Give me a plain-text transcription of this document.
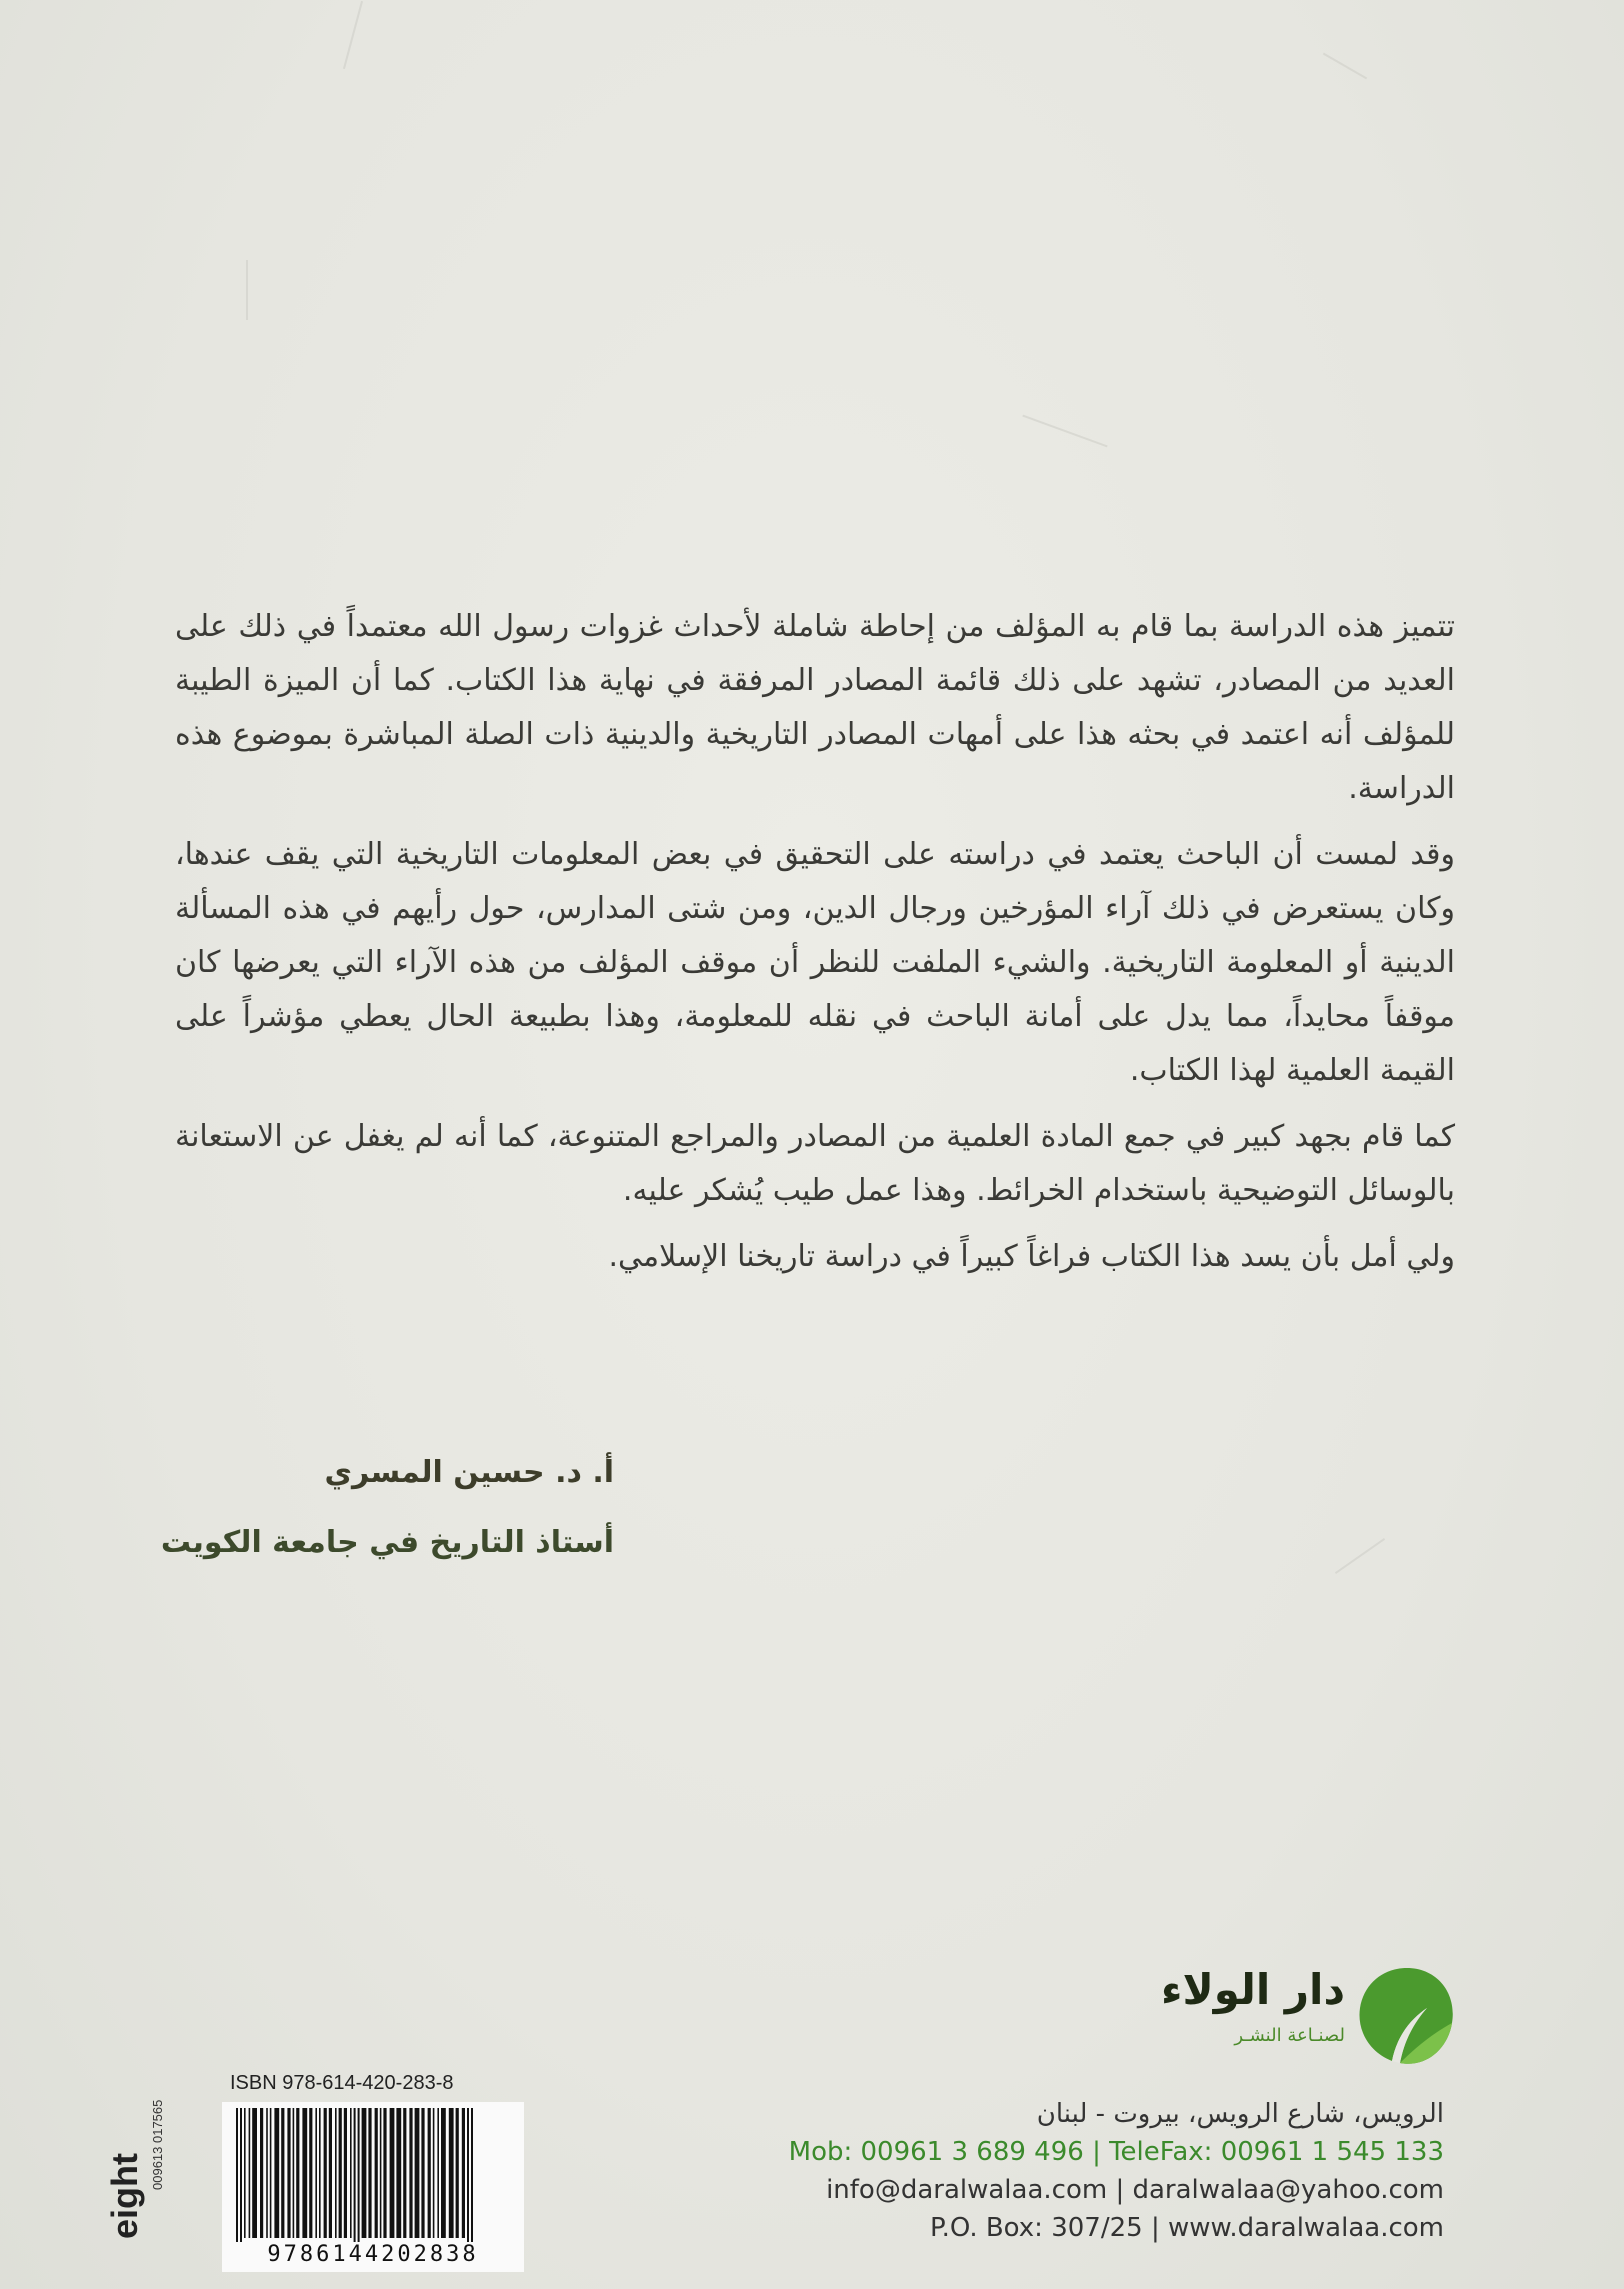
تتميز هذه الدراسة بما قام به المؤلف من إحاطة شاملة لأحداث غزوات رسول الله معتمداً في ذلك على العديد من المصادر، تشهد على ذلك قائمة المصادر المرفقة في نهاية هذا الكتاب. كما أن الميزة الطيبة للمؤلف أنه اعتمد في بحثه هذا على أمهات المصادر التاريخية والدينية ذات الصلة المباشرة بموضوع هذه الدراسة.

وقد لمست أن الباحث يعتمد في دراسته على التحقيق في بعض المعلومات التاريخية التي يقف عندها، وكان يستعرض في ذلك آراء المؤرخين ورجال الدين، ومن شتى المدارس، حول رأيهم في هذه المسألة الدينية أو المعلومة التاريخية. والشيء الملفت للنظر أن موقف المؤلف من هذه الآراء التي يعرضها كان موقفاً محايداً، مما يدل على أمانة الباحث في نقله للمعلومة، وهذا بطبيعة الحال يعطي مؤشراً على القيمة العلمية لهذا الكتاب.

كما قام بجهد كبير في جمع المادة العلمية من المصادر والمراجع المتنوعة، كما أنه لم يغفل عن الاستعانة بالوسائل التوضيحية باستخدام الخرائط. وهذا عمل طيب يُشكر عليه.

ولي أمل بأن يسد هذا الكتاب فراغاً كبيراً في دراسة تاريخنا الإسلامي.

أ. د. حسين المسري
أستاذ التاريخ في جامعة الكويت
دار الولاء
لصنـاعة النشـر
الرويس، شارع الرويس، بيروت - لبنان
Mob: 00961 3 689 496 | TeleFax: 00961 1 545 133
info@daralwalaa.com | daralwalaa@yahoo.com
P.O. Box: 307/25 | www.daralwalaa.com
ISBN 978-614-420-283-8
9786144202838
eight
009613 017565
